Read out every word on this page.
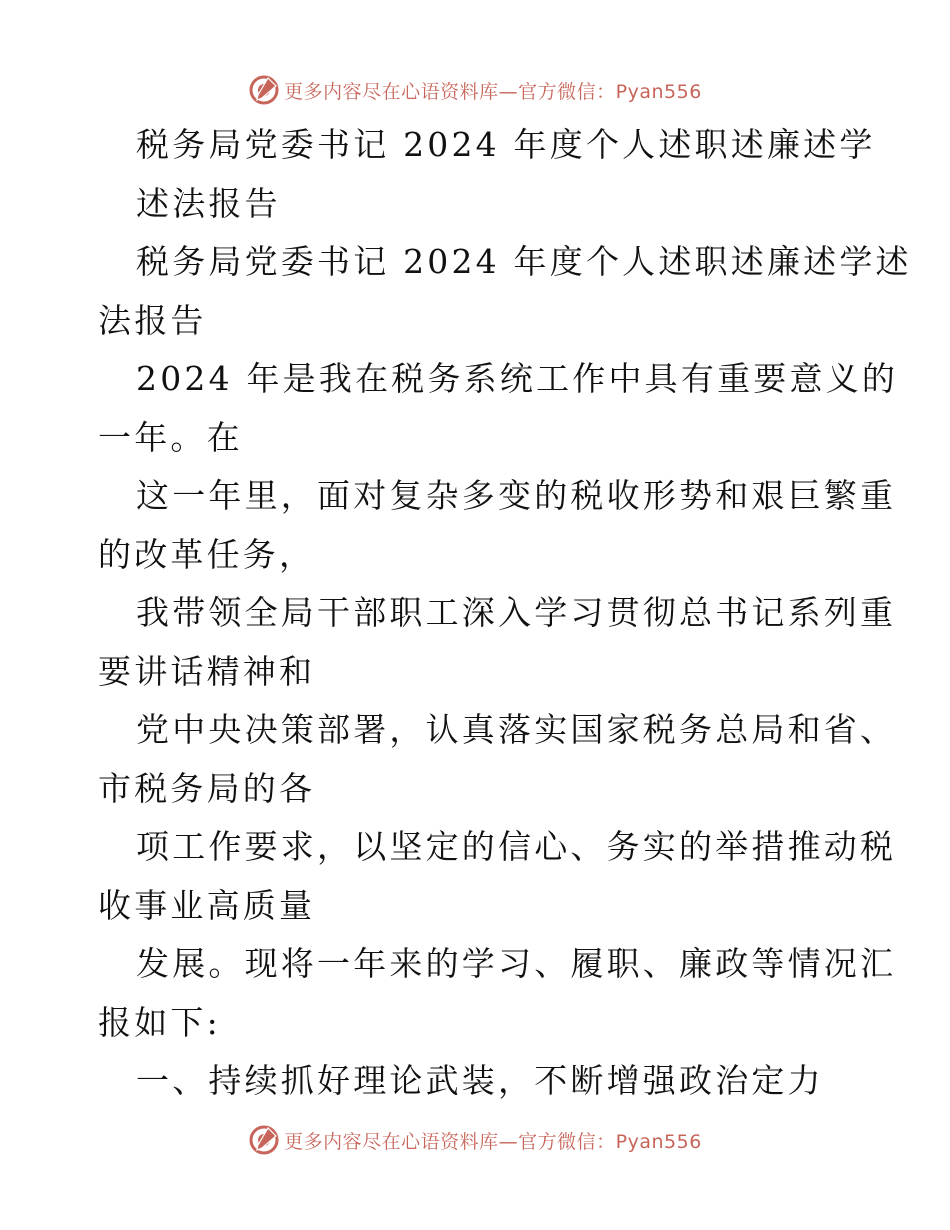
更多内容尽在心语资料库—官方微信：Pyan556

税务局党委书记 2024 年度个人述职述廉述学

述法报告

税务局党委书记 2024 年度个人述职述廉述学述

法报告

2024 年是我在税务系统工作中具有重要意义的

一年。在

这一年里，面对复杂多变的税收形势和艰巨繁重

的改革任务，

我带领全局干部职工深入学习贯彻总书记系列重

要讲话精神和

党中央决策部署，认真落实国家税务总局和省、

市税务局的各

项工作要求，以坚定的信心、务实的举措推动税

收事业高质量

发展。现将一年来的学习、履职、廉政等情况汇

报如下:

一、持续抓好理论武装，不断增强政治定力

更多内容尽在心语资料库—官方微信：Pyan556
